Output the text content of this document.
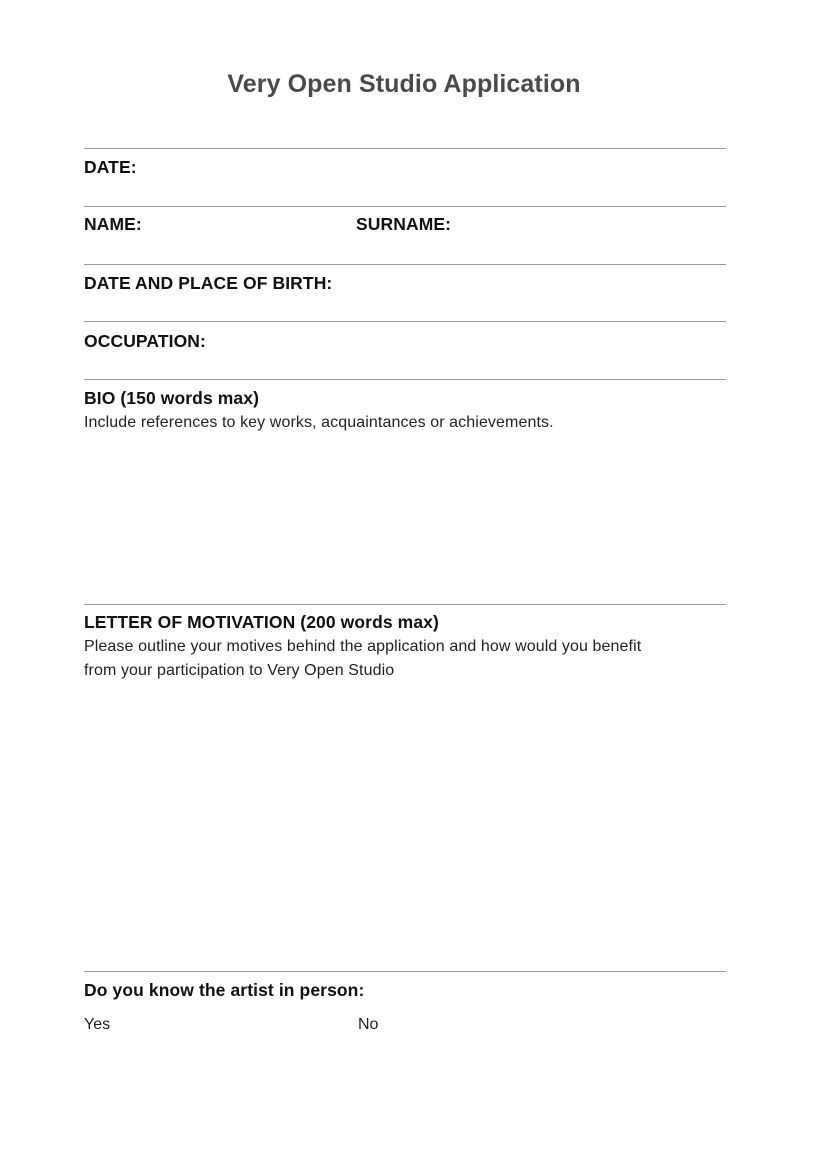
Very Open Studio Application
DATE:
NAME:	SURNAME:
DATE AND PLACE OF BIRTH:
OCCUPATION:
BIO (150 words max)
Include references to key works, acquaintances or achievements.
LETTER OF MOTIVATION (200 words max)
Please outline your motives behind the application and how would you benefit
from your participation to Very Open Studio
Do you know the artist in person:
Yes	No
